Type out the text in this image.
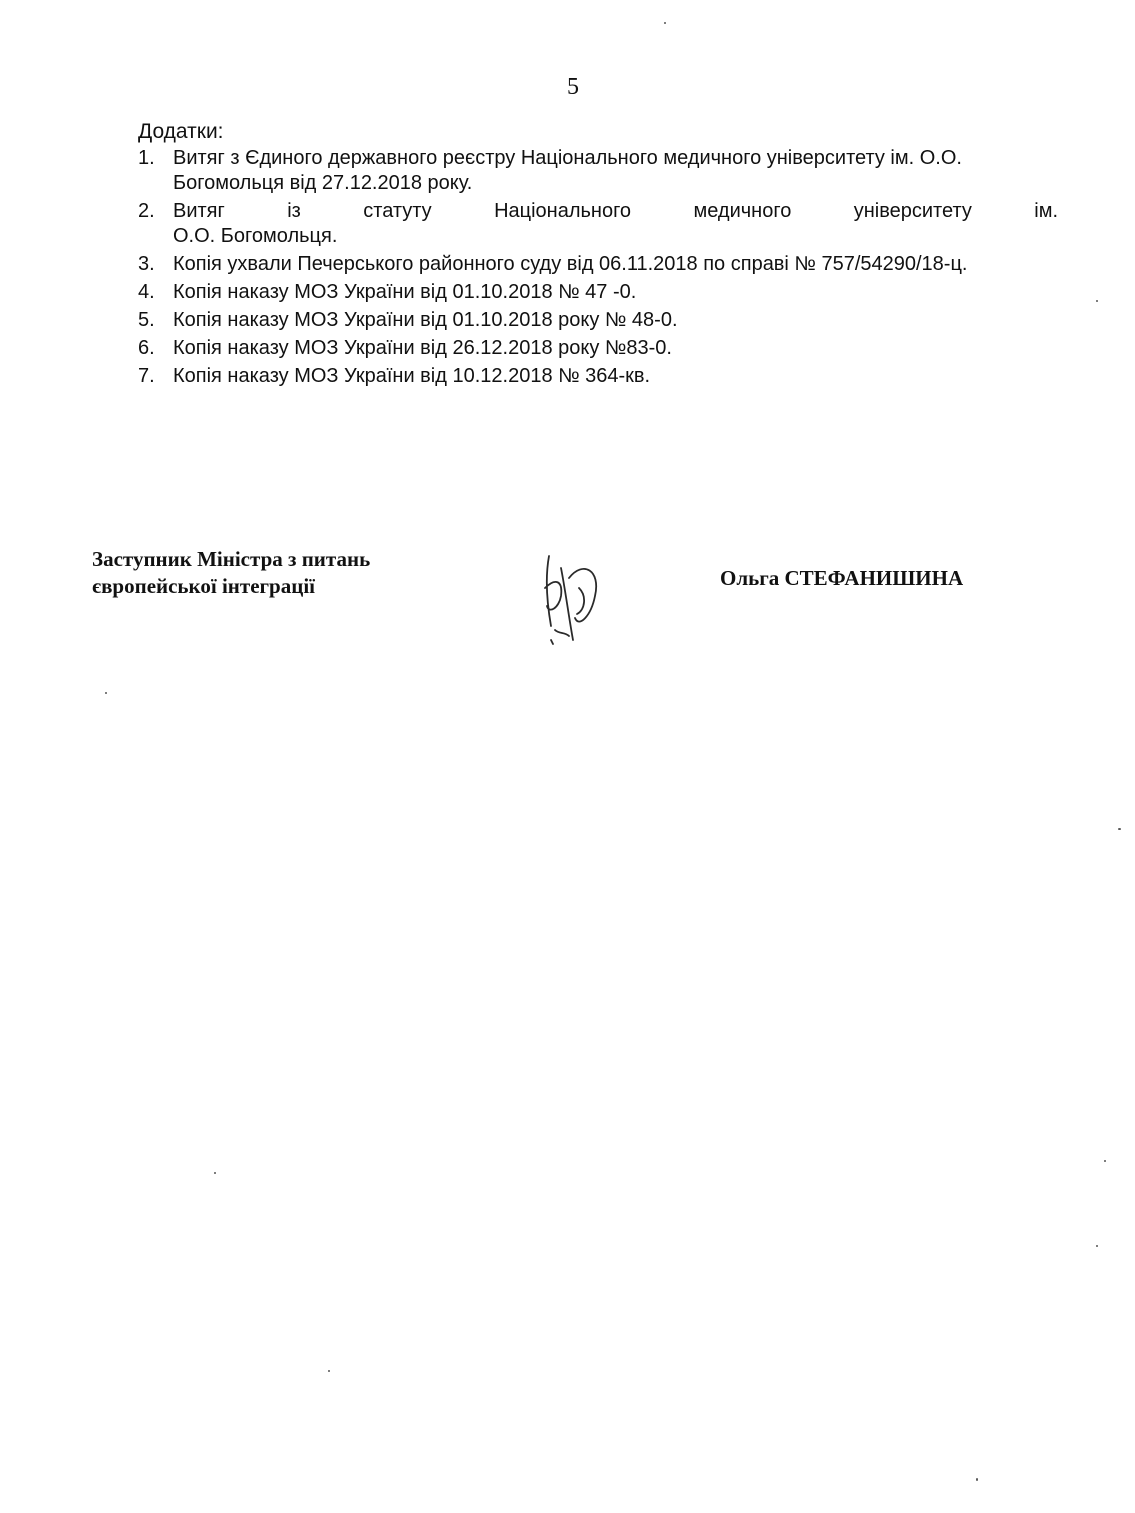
5
Додатки:
1. Витяг з Єдиного державного реєстру Національного медичного університету ім. О.О.
Богомольця від 27.12.2018 року.
2. Витяг із статуту Національного медичного університету ім.
О.О. Богомольця.
3. Копія ухвали Печерського районного суду від 06.11.2018 по справі № 757/54290/18-ц.
4. Копія наказу МОЗ України від 01.10.2018 № 47 -0.
5. Копія наказу МОЗ України від 01.10.2018 року № 48-0.
6. Копія наказу МОЗ України від 26.12.2018 року №83-0.
7. Копія наказу МОЗ України від 10.12.2018 № 364-кв.
Заступник Міністра з питань
європейської інтеграції	Ольга СТЕФАНИШИНА
